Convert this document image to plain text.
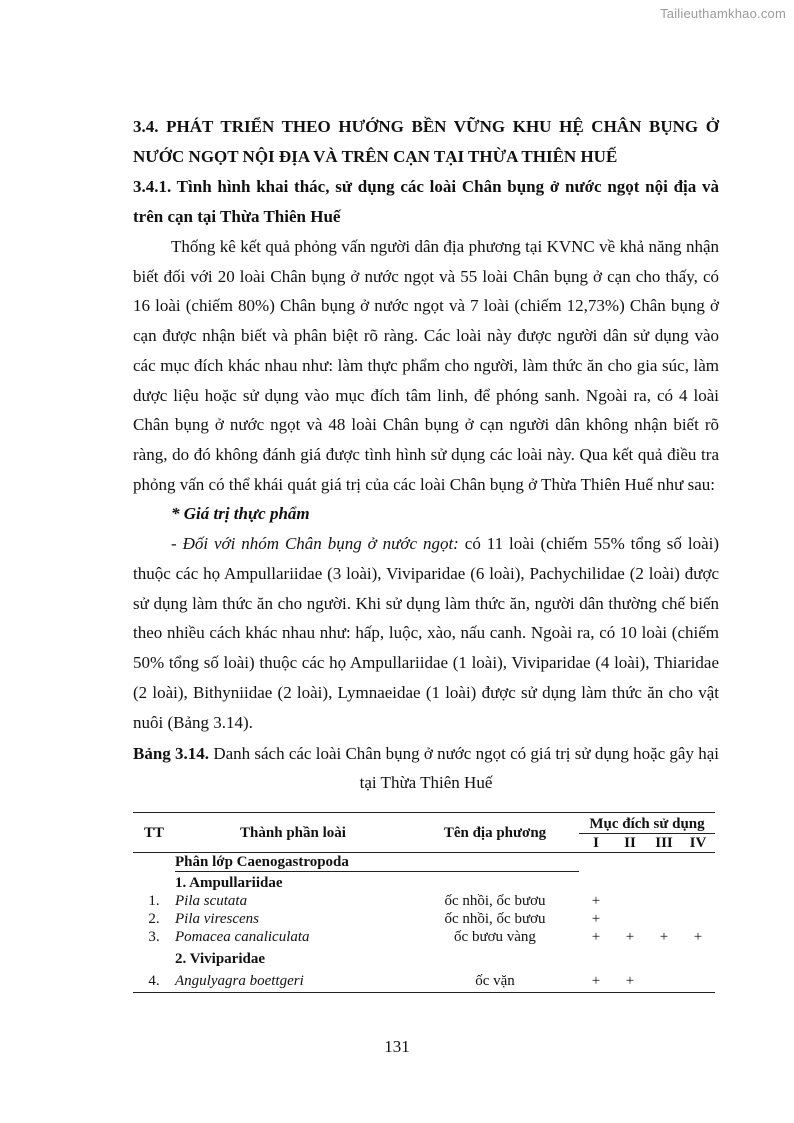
Tailieuthamkhao.com

3.4. PHÁT TRIỂN THEO HƯỚNG BỀN VỮNG KHU HỆ CHÂN BỤNG Ở NƯỚC NGỌT NỘI ĐỊA VÀ TRÊN CẠN TẠI THỪA THIÊN HUẾ

3.4.1. Tình hình khai thác, sử dụng các loài Chân bụng ở nước ngọt nội địa và trên cạn tại Thừa Thiên Huế

Thống kê kết quả phỏng vấn người dân địa phương tại KVNC về khả năng nhận biết đối với 20 loài Chân bụng ở nước ngọt và 55 loài Chân bụng ở cạn cho thấy, có 16 loài (chiếm 80%) Chân bụng ở nước ngọt và 7 loài (chiếm 12,73%) Chân bụng ở cạn được nhận biết và phân biệt rõ ràng. Các loài này được người dân sử dụng vào các mục đích khác nhau như: làm thực phẩm cho người, làm thức ăn cho gia súc, làm dược liệu hoặc sử dụng vào mục đích tâm linh, để phóng sanh. Ngoài ra, có 4 loài Chân bụng ở nước ngọt và 48 loài Chân bụng ở cạn người dân không nhận biết rõ ràng, do đó không đánh giá được tình hình sử dụng các loài này. Qua kết quả điều tra phỏng vấn có thể khái quát giá trị của các loài Chân bụng ở Thừa Thiên Huế như sau:

* Giá trị thực phẩm

- Đối với nhóm Chân bụng ở nước ngọt: có 11 loài (chiếm 55% tổng số loài) thuộc các họ Ampullariidae (3 loài), Viviparidae (6 loài), Pachychilidae (2 loài) được sử dụng làm thức ăn cho người. Khi sử dụng làm thức ăn, người dân thường chế biến theo nhiều cách khác nhau như: hấp, luộc, xào, nấu canh. Ngoài ra, có 10 loài (chiếm 50% tổng số loài) thuộc các họ Ampullariidae (1 loài), Viviparidae (4 loài), Thiaridae (2 loài), Bithyniidae (2 loài), Lymnaeidae (1 loài) được sử dụng làm thức ăn cho vật nuôi (Bảng 3.14).

Bảng 3.14. Danh sách các loài Chân bụng ở nước ngọt có giá trị sử dụng hoặc gây hại tại Thừa Thiên Huế

TT	Thành phần loài	Tên địa phương	Mục đích sử dụng			
			I	II	III	IV
	Phân lớp Caenogastropoda					
	1. Ampullariidae					
1.	Pila scutata	ốc nhồi, ốc bươu	+			
2.	Pila virescens	ốc nhồi, ốc bươu	+			
3.	Pomacea canaliculata	ốc bươu vàng	+	+	+	+
	2. Viviparidae					
4.	Angulyagra boettgeri	ốc vặn	+	+		
131
